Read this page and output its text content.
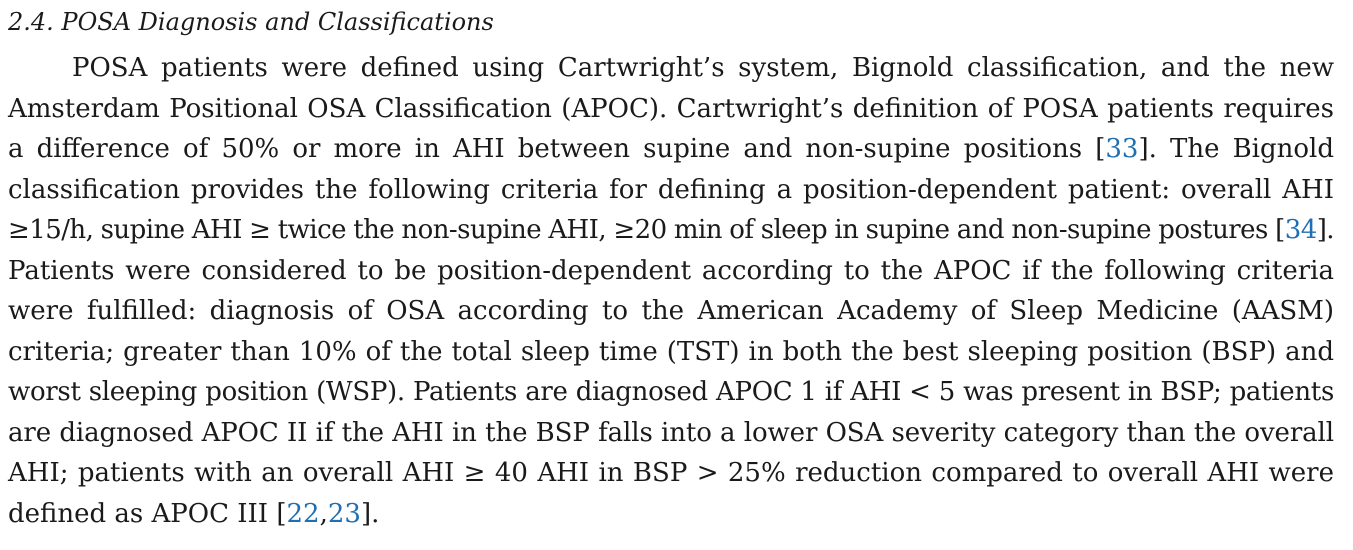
2.4. POSA Diagnosis and Classifications

POSA patients were defined using Cartwright’s system, Bignold classification, and the new
Amsterdam Positional OSA Classification (APOC). Cartwright’s definition of POSA patients requires
a difference of 50% or more in AHI between supine and non-supine positions [33]. The Bignold
classification provides the following criteria for defining a position-dependent patient: overall AHI
≥15/h, supine AHI ≥ twice the non-supine AHI, ≥20 min of sleep in supine and non-supine postures [34].
Patients were considered to be position-dependent according to the APOC if the following criteria
were fulfilled: diagnosis of OSA according to the American Academy of Sleep Medicine (AASM)
criteria; greater than 10% of the total sleep time (TST) in both the best sleeping position (BSP) and
worst sleeping position (WSP). Patients are diagnosed APOC 1 if AHI < 5 was present in BSP; patients
are diagnosed APOC II if the AHI in the BSP falls into a lower OSA severity category than the overall
AHI; patients with an overall AHI ≥ 40 AHI in BSP > 25% reduction compared to overall AHI were
defined as APOC III [22,23].
